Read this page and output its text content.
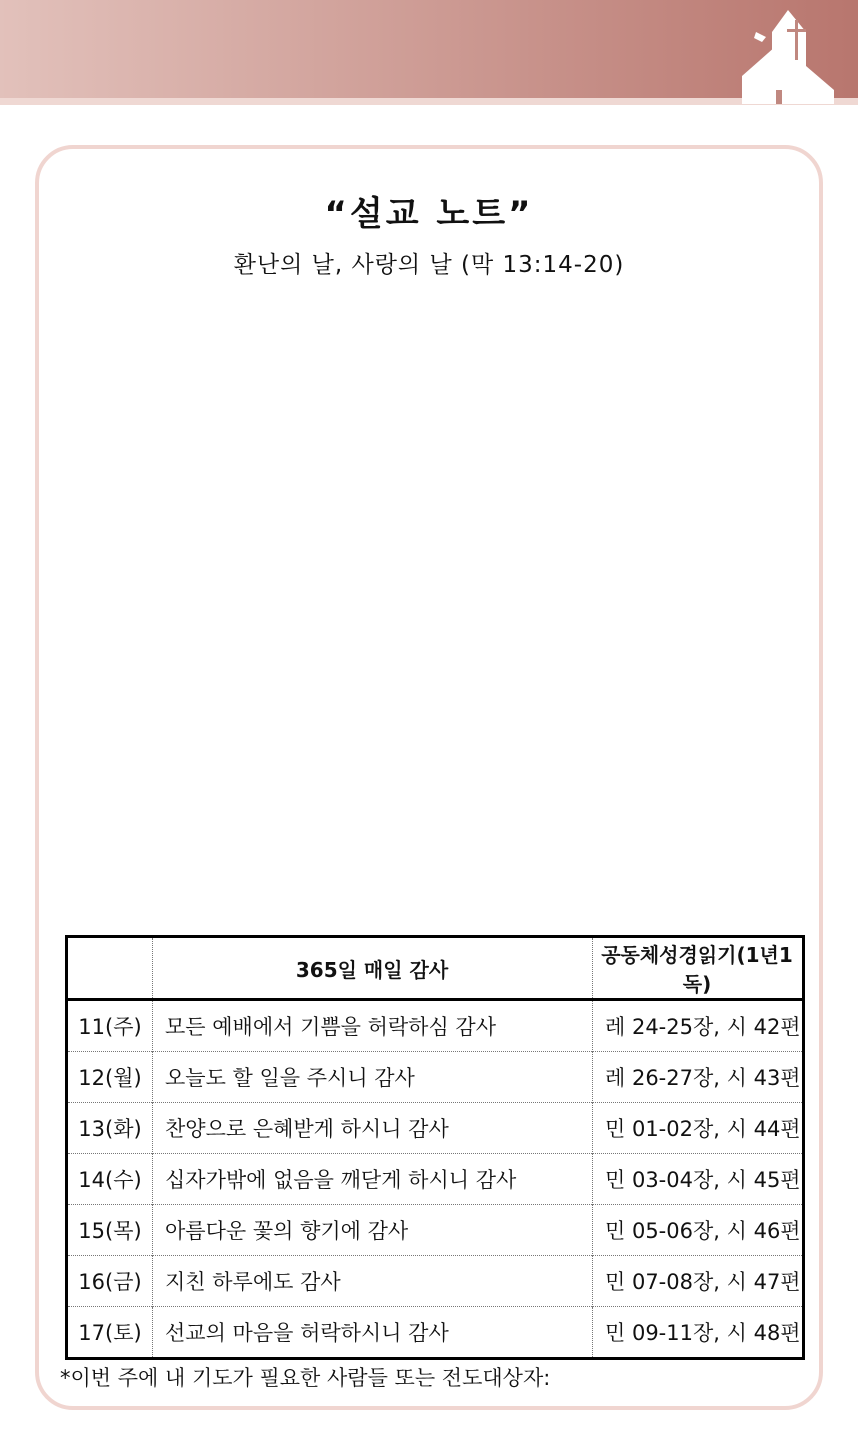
“설교 노트”
환난의 날, 사랑의 날 (막 13:14-20)
	365일 매일 감사	공동체성경읽기(1년1독)
11(주)	모든 예배에서 기쁨을 허락하심 감사	레 24-25장, 시 42편
12(월)	오늘도 할 일을 주시니 감사	레 26-27장, 시 43편
13(화)	찬양으로 은혜받게 하시니 감사	민 01-02장, 시 44편
14(수)	십자가밖에 없음을 깨닫게 하시니 감사	민 03-04장, 시 45편
15(목)	아름다운 꽃의 향기에 감사	민 05-06장, 시 46편
16(금)	지친 하루에도 감사	민 07-08장, 시 47편
17(토)	선교의 마음을 허락하시니 감사	민 09-11장, 시 48편
*이번 주에 내 기도가 필요한 사람들 또는 전도대상자:
